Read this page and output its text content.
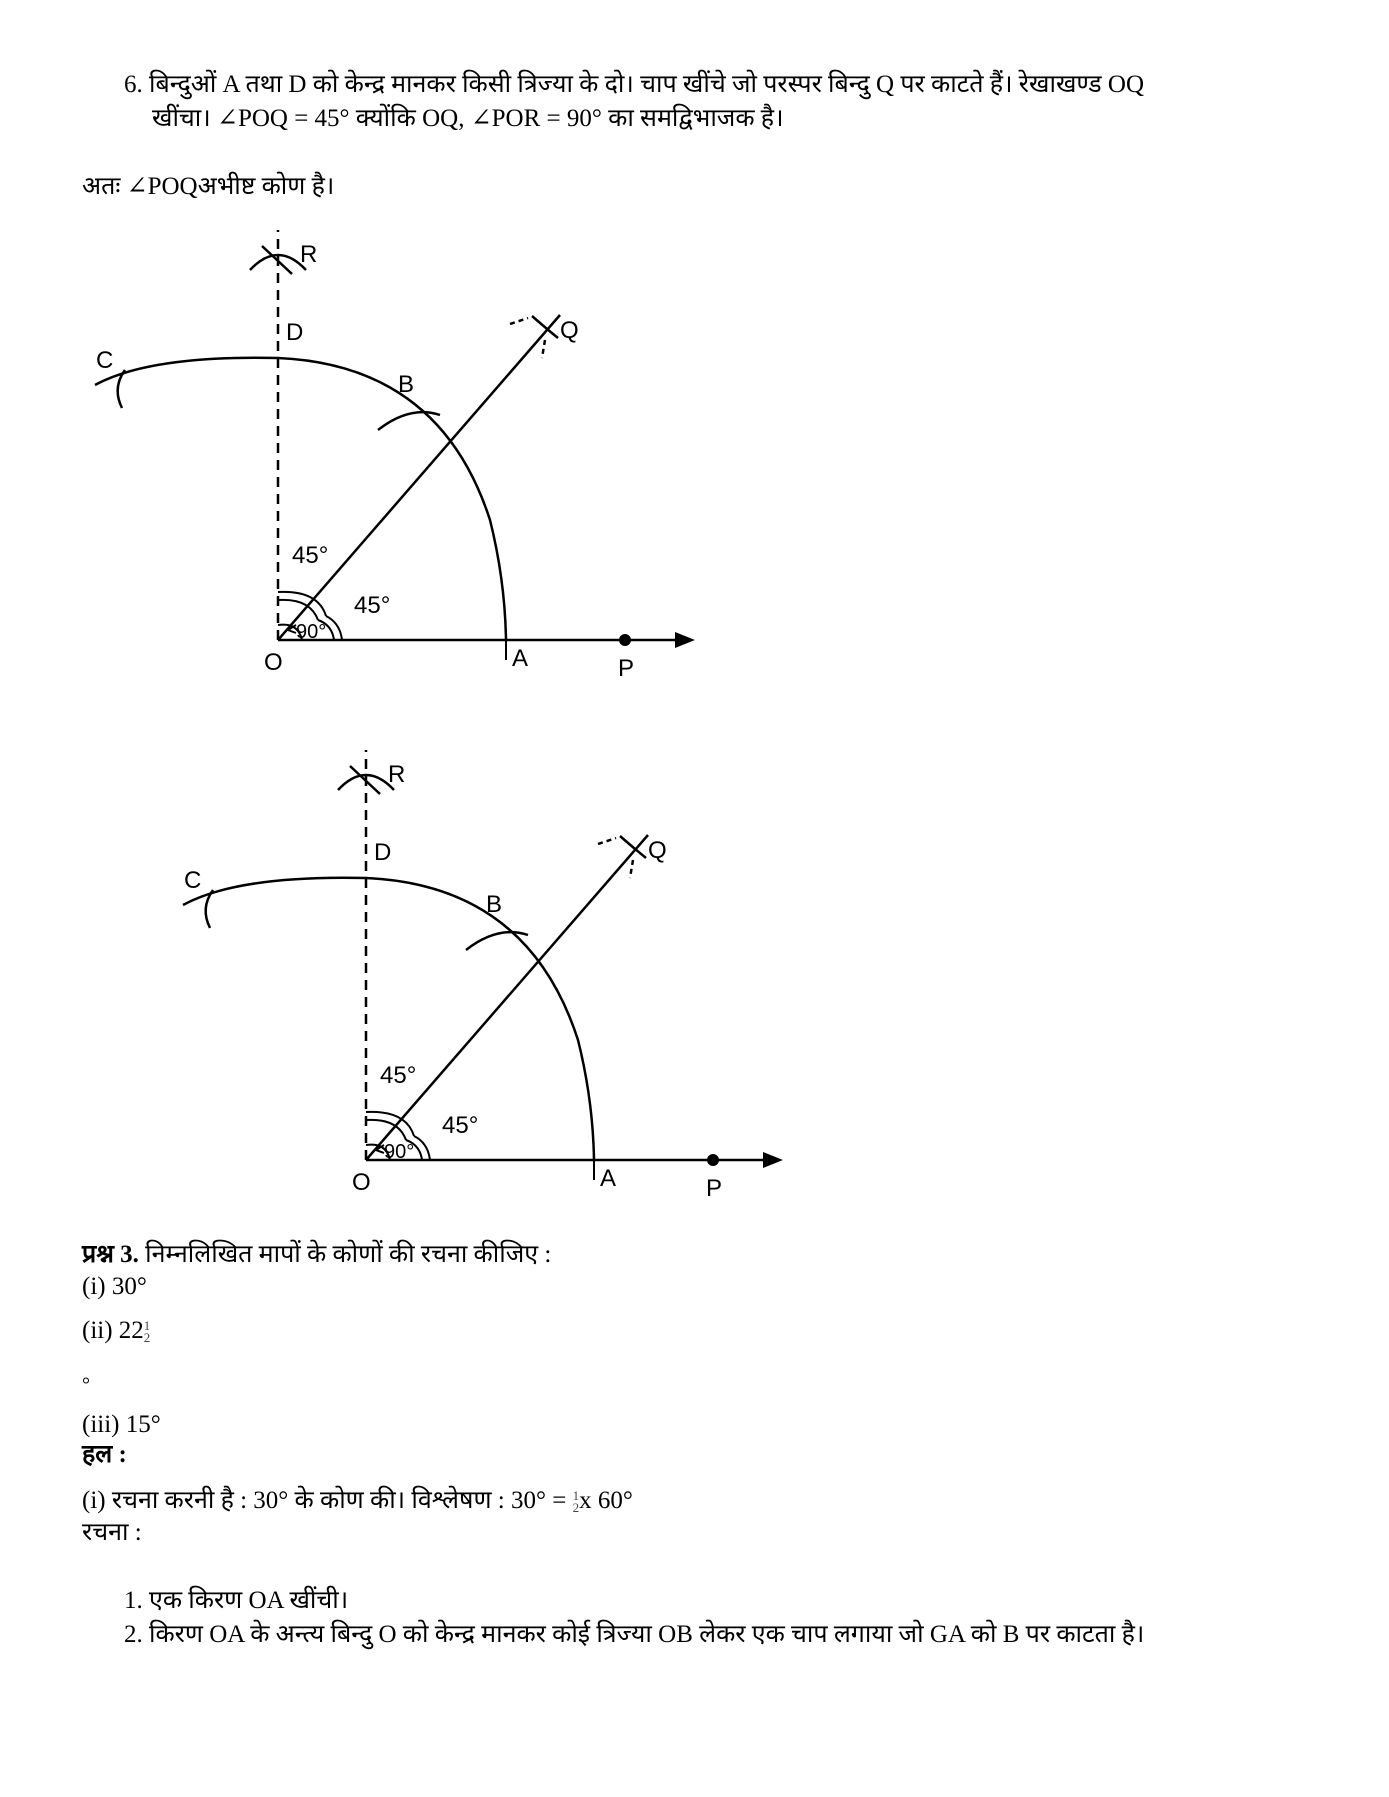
6. बिन्दुओं A तथा D को केन्द्र मानकर किसी त्रिज्या के दो। चाप खींचे जो परस्पर बिन्दु Q पर काटते हैं। रेखाखण्ड OQ
खींचा। ∠POQ = 45° क्योंकि OQ, ∠POR = 90° का समद्विभाजक है।
अतः ∠POQअभीष्ट कोण है।
R
D
C
B
Q
O	A	P
45°
45°
90°
R
D
C
B
Q
O	A	P
45°
45°
90°
प्रश्न 3. निम्नलिखित मापों के कोणों की रचना कीजिए :
(i) 30°
(ii) 22 1
2
°
(iii) 15°
हल :
(i) रचना करनी है : 30° के कोण की। विश्लेषण : 30° = 1
2 x 60°
रचना :
1. एक किरण OA खींची।
2. किरण OA के अन्त्य बिन्दु O को केन्द्र मानकर कोई त्रिज्या OB लेकर एक चाप लगाया जो GA को B पर काटता है।
